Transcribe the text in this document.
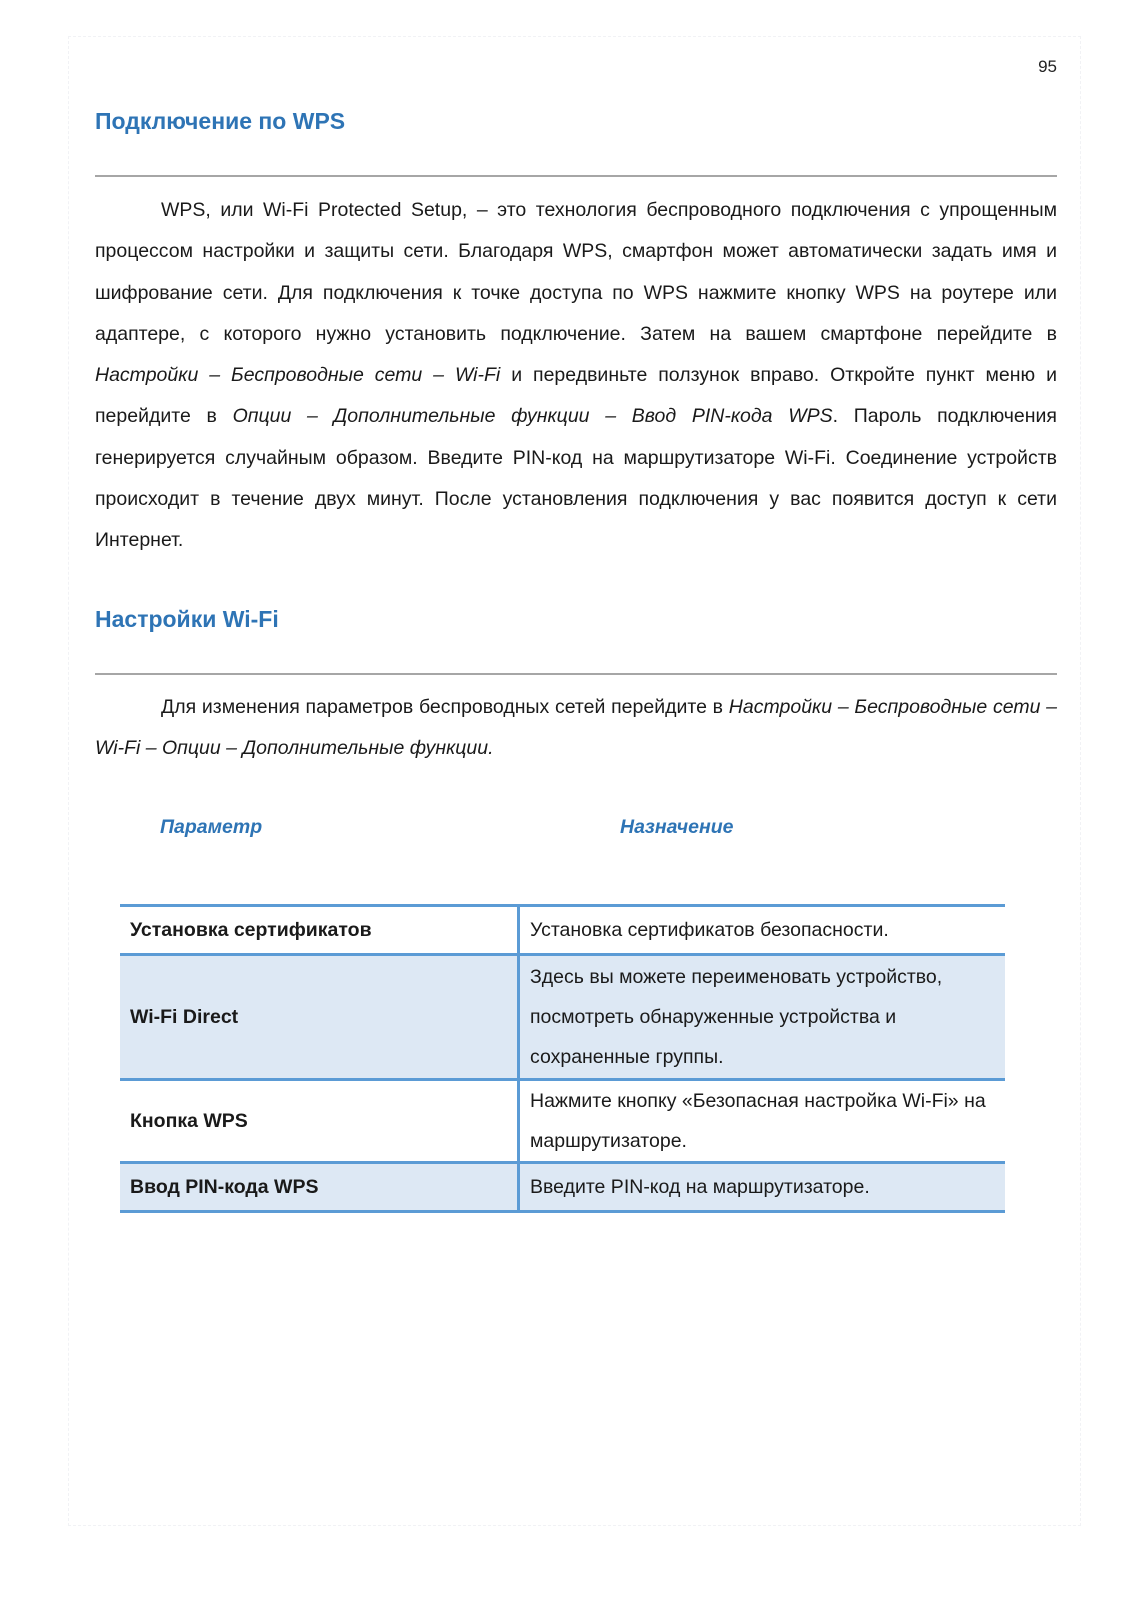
95
Подключение по WPS

WPS, или Wi-Fi Protected Setup, – это технология беспроводного подключения с упрощенным процессом настройки и защиты сети. Благодаря WPS, смартфон может автоматически задать имя и шифрование сети. Для подключения к точке доступа по WPS нажмите кнопку WPS на роутере или адаптере, с которого нужно установить подключение. Затем на вашем смартфоне перейдите в Настройки – Беспроводные сети – Wi-Fi и передвиньте ползунок вправо. Откройте пункт меню и перейдите в Опции – Дополнительные функции – Ввод PIN-кода WPS. Пароль подключения генерируется случайным образом. Введите PIN-код на маршрутизаторе Wi-Fi. Соединение устройств происходит в течение двух минут. После установления подключения у вас появится доступ к сети Интернет.

Настройки Wi-Fi

Для изменения параметров беспроводных сетей перейдите в Настройки – Беспроводные сети – Wi-Fi – Опции – Дополнительные функции.

Параметр	Назначение
Установка сертификатов	Установка сертификатов безопасности.
Wi-Fi Direct	Здесь вы можете переименовать устройство, посмотреть обнаруженные устройства и сохраненные группы.
Кнопка WPS	Нажмите кнопку «Безопасная настройка Wi-Fi» на маршрутизаторе.
Ввод PIN-кода WPS	Введите PIN-код на маршрутизаторе.
